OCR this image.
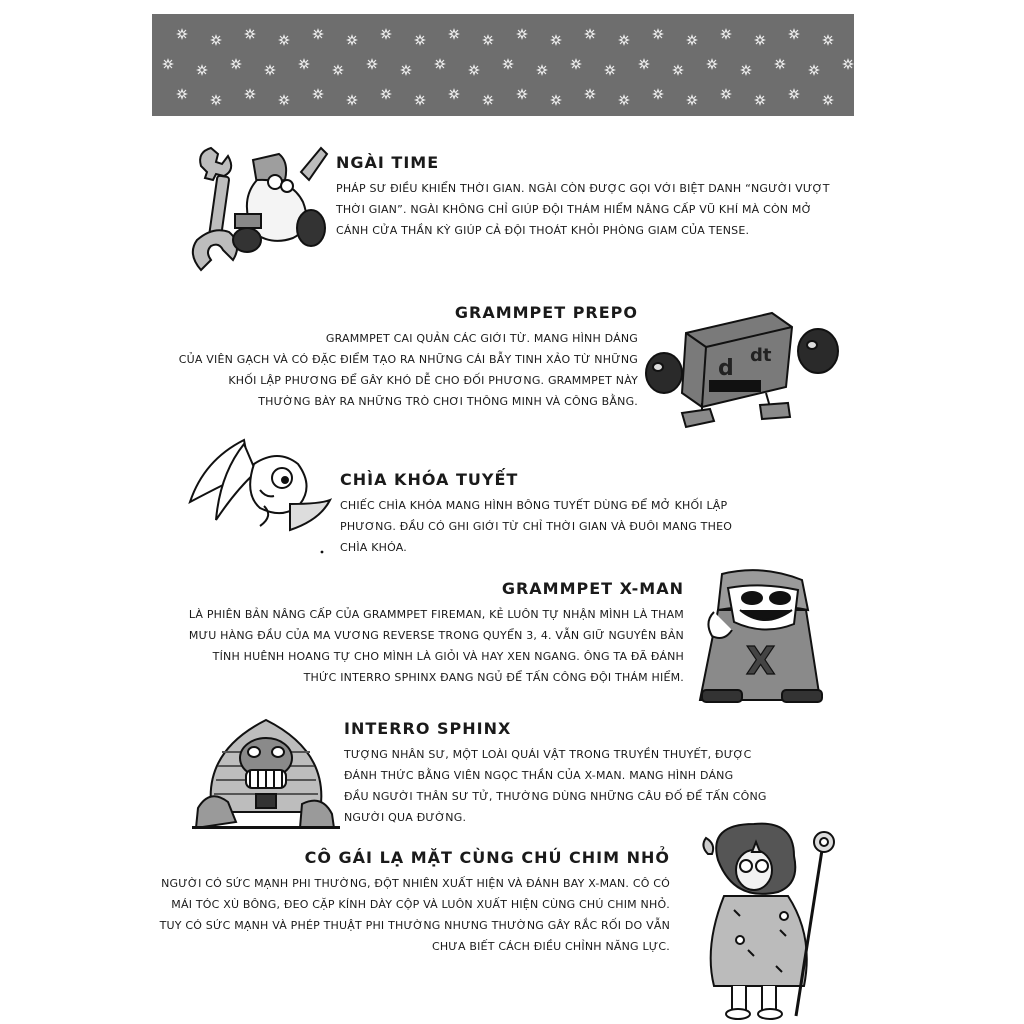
NGÀI TIME
PHÁP SƯ ĐIỀU KHIỂN THỜI GIAN. NGÀI CÒN ĐƯỢC GỌI VỚI BIỆT DANH “NGƯỜI VƯỢT
THỜI GIAN”. NGÀI KHÔNG CHỈ GIÚP ĐỘI THÁM HIỂM NÂNG CẤP VŨ KHÍ MÀ CÒN MỞ
CÁNH CỬA THẦN KỲ GIÚP CẢ ĐỘI THOÁT KHỎI PHÒNG GIAM CỦA TENSE.
GRAMMPET PREPO
GRAMMPET CAI QUẢN CÁC GIỚI TỪ. MANG HÌNH DÁNG
CỦA VIÊN GẠCH VÀ CÓ ĐẶC ĐIỂM TẠO RA NHỮNG CÁI BẪY TINH XẢO TỪ NHỮNG
KHỐI LẬP PHƯƠNG ĐỂ GÂY KHÓ DỄ CHO ĐỐI PHƯƠNG. GRAMMPET NÀY
THƯỜNG BÀY RA NHỮNG TRÒ CHƠI THÔNG MINH VÀ CÔNG BẰNG.
d
dt
CHÌA KHÓA TUYẾT
CHIẾC CHÌA KHÓA MANG HÌNH BÔNG TUYẾT DÙNG ĐỂ MỞ KHỐI LẬP
PHƯƠNG. ĐẦU CÓ GHI GIỚI TỪ CHỈ THỜI GIAN VÀ ĐUÔI MANG THEO
CHÌA KHÓA.
GRAMMPET X-MAN
LÀ PHIÊN BẢN NÂNG CẤP CỦA GRAMMPET FIREMAN, KẺ LUÔN TỰ NHẬN MÌNH LÀ THAM
MƯU HÀNG ĐẦU CỦA MA VƯƠNG REVERSE TRONG QUYỂN 3, 4. VẪN GIỮ NGUYÊN BẢN
TÍNH HUÊNH HOANG TỰ CHO MÌNH LÀ GIỎI VÀ HAY XEN NGANG. ÔNG TA ĐÃ ĐÁNH
THỨC INTERRO SPHINX ĐANG NGỦ ĐỂ TẤN CÔNG ĐỘI THÁM HIỂM. X
INTERRO SPHINX
TƯỢNG NHÂN SƯ, MỘT LOÀI QUÁI VẬT TRONG TRUYỀN THUYẾT, ĐƯỢC
ĐÁNH THỨC BẰNG VIÊN NGỌC THẦN CỦA X-MAN. MANG HÌNH DÁNG
ĐẦU NGƯỜI THÂN SƯ TỬ, THƯỜNG DÙNG NHỮNG CÂU ĐỐ ĐỂ TẤN CÔNG
NGƯỜI QUA ĐƯỜNG.
CÔ GÁI LẠ MẶT CÙNG CHÚ CHIM NHỎ
NGƯỜI CÓ SỨC MẠNH PHI THƯỜNG, ĐỘT NHIÊN XUẤT HIỆN VÀ ĐÁNH BAY X-MAN. CÔ CÓ
MÁI TÓC XÙ BÔNG, ĐEO CẶP KÍNH DÀY CỘP VÀ LUÔN XUẤT HIỆN CÙNG CHÚ CHIM NHỎ.
TUY CÓ SỨC MẠNH VÀ PHÉP THUẬT PHI THƯỜNG NHƯNG THƯỜNG GÂY RẮC RỐI DO VẪN
CHƯA BIẾT CÁCH ĐIỀU CHỈNH NĂNG LỰC.
